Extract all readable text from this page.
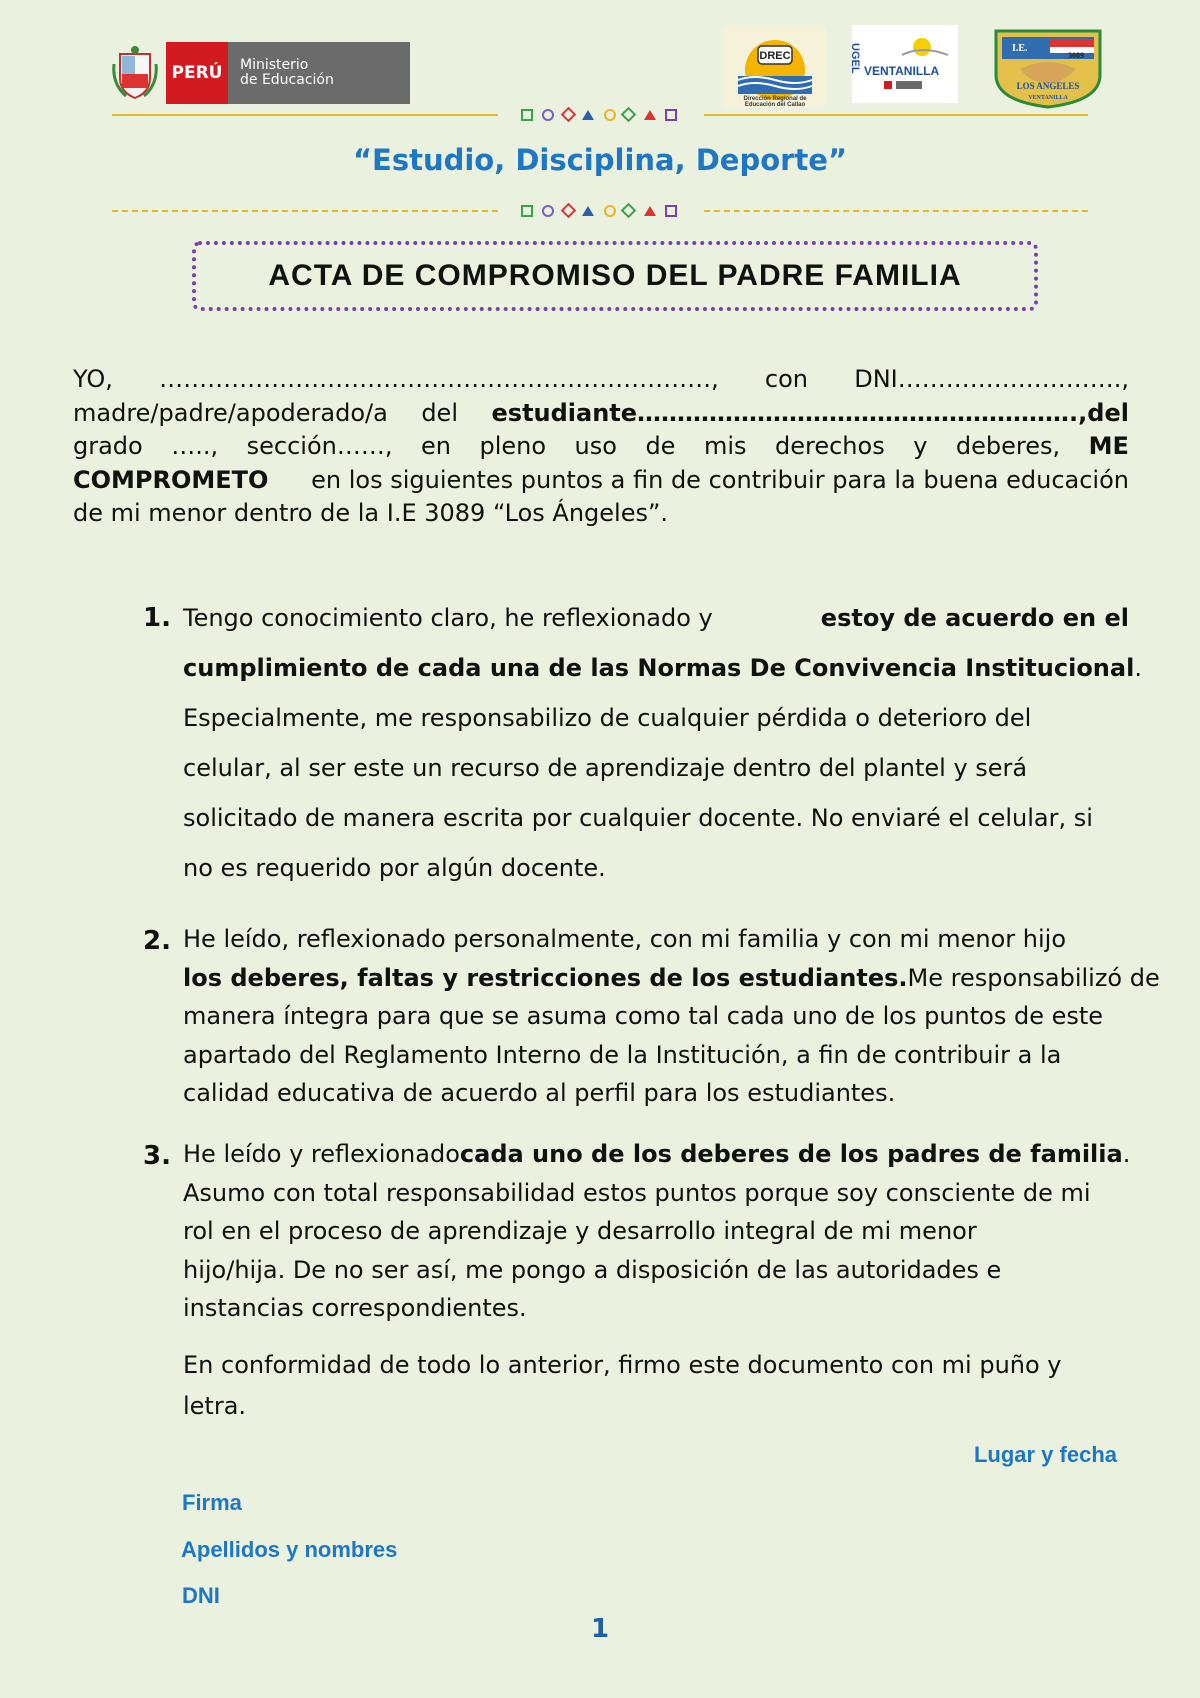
PERÚ	Ministerio
de Educación
DREC
Dirección Regional de
Educación del Callao
UGEL VENTANILLA
I.E.
3089
LOS ANGELES
VENTANILLA
“Estudio, Disciplina, Deporte”
ACTA DE COMPROMISO DEL PADRE FAMILIA
YO, ……………………………………………………………, con DNI……………………….,
madre/padre/apoderado/a del estudiante……………………………………………….,del
grado ….., sección……, en pleno uso de mis derechos y deberes, ME
COMPROMETO en los siguientes puntos a fin de contribuir para la buena educación
de mi menor dentro de la I.E 3089 “Los Ángeles”.
1. Tengo conocimiento claro, he reflexionado y	estoy de acuerdo en el
cumplimiento de cada una de las Normas De Convivencia Institucional .
Especialmente, me responsabilizo de cualquier pérdida o deterioro del
celular, al ser este un recurso de aprendizaje dentro del plantel y será
solicitado de manera escrita por cualquier docente. No enviaré el celular, si
no es requerido por algún docente.
2. He leído, reflexionado personalmente, con mi familia y con mi menor hijo
los deberes, faltas y restricciones de los estudiantes. Me responsabilizó de
manera íntegra para que se asuma como tal cada uno de los puntos de este
apartado del Reglamento Interno de la Institución, a fin de contribuir a la
calidad educativa de acuerdo al perfil para los estudiantes.
3. He leído y reflexionado cada uno de los deberes de los padres de familia .
Asumo con total responsabilidad estos puntos porque soy consciente de mi
rol en el proceso de aprendizaje y desarrollo integral de mi menor
hijo/hija. De no ser así, me pongo a disposición de las autoridades e
instancias correspondientes.
En conformidad de todo lo anterior, firmo este documento con mi puño y
letra.
Lugar y fecha
Firma
Apellidos y nombres
DNI
1
